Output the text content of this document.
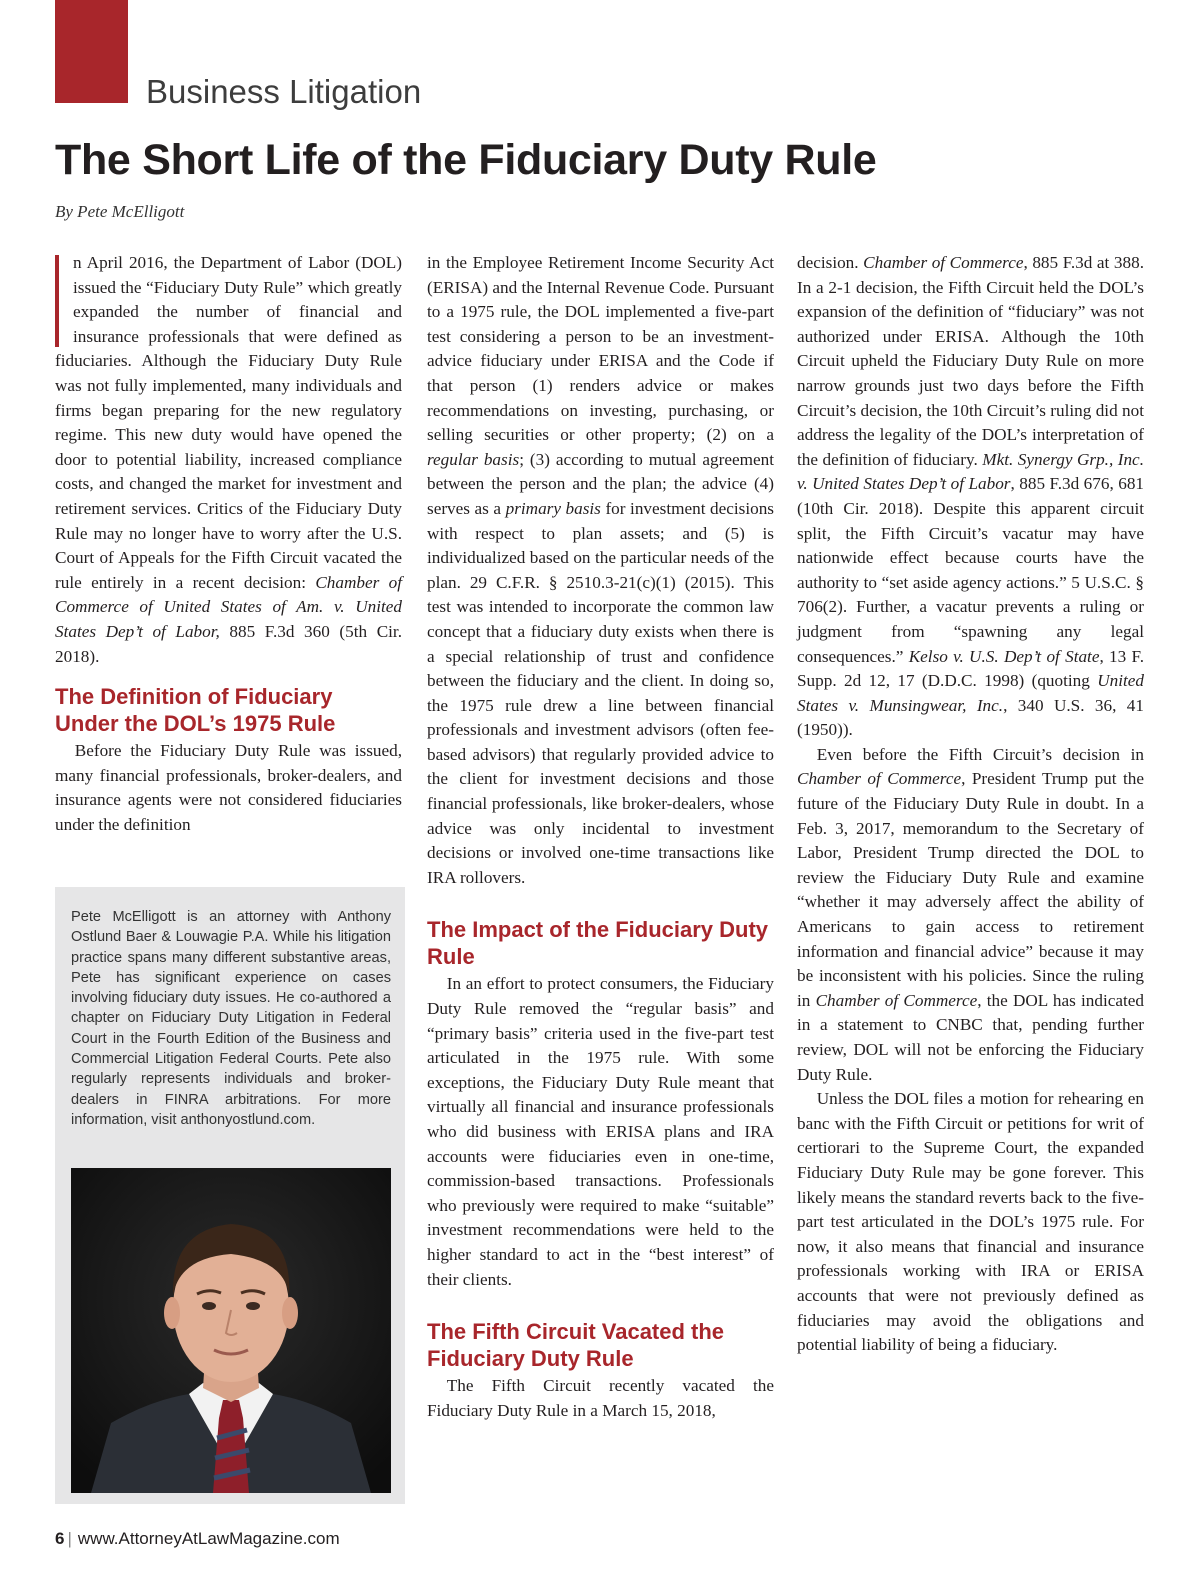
Business Litigation
The Short Life of the Fiduciary Duty Rule
By Pete McElligott

n April 2016, the Department of Labor (DOL) issued the “Fiduciary Duty Rule” which greatly expanded the number of financial and insurance professionals that were defined as fiduciaries. Although the Fiduciary Duty Rule was not fully implemented, many individuals and firms began preparing for the new regulatory regime. This new duty would have opened the door to potential liability, increased compliance costs, and changed the market for investment and retirement services. Critics of the Fiduciary Duty Rule may no longer have to worry after the U.S. Court of Appeals for the Fifth Circuit vacated the rule entirely in a recent decision: Chamber of Commerce of United States of Am. v. United States Dep’t of Labor, 885 F.3d 360 (5th Cir. 2018).

The Definition of Fiduciary Under the DOL’s 1975 Rule

Before the Fiduciary Duty Rule was issued, many financial professionals, broker-dealers, and insurance agents were not considered fiduciaries under the definition

in the Employee Retirement Income Security Act (ERISA) and the Internal Revenue Code. Pursuant to a 1975 rule, the DOL implemented a five-part test considering a person to be an investment-advice fiduciary under ERISA and the Code if that person (1) renders advice or makes recommendations on investing, purchasing, or selling securities or other property; (2) on a regular basis; (3) according to mutual agreement between the person and the plan; the advice (4) serves as a primary basis for investment decisions with respect to plan assets; and (5) is individualized based on the particular needs of the plan. 29 C.F.R. § 2510.3-21(c)(1) (2015). This test was intended to incorporate the common law concept that a fiduciary duty exists when there is a special relationship of trust and confidence between the fiduciary and the client. In doing so, the 1975 rule drew a line between financial professionals and investment advisors (often fee-based advisors) that regularly provided advice to the client for investment decisions and those financial professionals, like broker-dealers, whose advice was only incidental to investment decisions or involved one-time transactions like IRA rollovers.

The Impact of the Fiduciary Duty Rule

In an effort to protect consumers, the Fiduciary Duty Rule removed the “regular basis” and “primary basis” criteria used in the five-part test articulated in the 1975 rule. With some exceptions, the Fiduciary Duty Rule meant that virtually all financial and insurance professionals who did business with ERISA plans and IRA accounts were fiduciaries even in one-time, commission-based transactions. Professionals who previously were required to make “suitable” investment recommendations were held to the higher standard to act in the “best interest” of their clients.

The Fifth Circuit Vacated the Fiduciary Duty Rule

The Fifth Circuit recently vacated the Fiduciary Duty Rule in a March 15, 2018,

decision. Chamber of Commerce, 885 F.3d at 388. In a 2-1 decision, the Fifth Circuit held the DOL’s expansion of the definition of “fiduciary” was not authorized under ERISA. Although the 10th Circuit upheld the Fiduciary Duty Rule on more narrow grounds just two days before the Fifth Circuit’s decision, the 10th Circuit’s ruling did not address the legality of the DOL’s interpretation of the definition of fiduciary. Mkt. Synergy Grp., Inc. v. United States Dep’t of Labor, 885 F.3d 676, 681 (10th Cir. 2018). Despite this apparent circuit split, the Fifth Circuit’s vacatur may have nationwide effect because courts have the authority to “set aside agency actions.” 5 U.S.C. § 706(2). Further, a vacatur prevents a ruling or judgment from “spawning any legal consequences.” Kelso v. U.S. Dep’t of State, 13 F. Supp. 2d 12, 17 (D.D.C. 1998) (quoting United States v. Munsingwear, Inc., 340 U.S. 36, 41 (1950)).

Even before the Fifth Circuit’s decision in Chamber of Commerce, President Trump put the future of the Fiduciary Duty Rule in doubt. In a Feb. 3, 2017, memorandum to the Secretary of Labor, President Trump directed the DOL to review the Fiduciary Duty Rule and examine “whether it may adversely affect the ability of Americans to gain access to retirement information and financial advice” because it may be inconsistent with his policies. Since the ruling in Chamber of Commerce, the DOL has indicated in a statement to CNBC that, pending further review, DOL will not be enforcing the Fiduciary Duty Rule.

Unless the DOL files a motion for rehearing en banc with the Fifth Circuit or petitions for writ of certiorari to the Supreme Court, the expanded Fiduciary Duty Rule may be gone forever. This likely means the standard reverts back to the five-part test articulated in the DOL’s 1975 rule. For now, it also means that financial and insurance professionals working with IRA or ERISA accounts that were not previously defined as fiduciaries may avoid the obligations and potential liability of being a fiduciary.

Pete McElligott is an attorney with Anthony Ostlund Baer & Louwagie P.A. While his litigation practice spans many different substantive areas, Pete has significant experience on cases involving fiduciary duty issues. He co-authored a chapter on Fiduciary Duty Litigation in Federal Court in the Fourth Edition of the Business and Commercial Litigation Federal Courts. Pete also regularly represents individuals and broker-dealers in FINRA arbitrations. For more information, visit anthonyostlund.com.
6 | www.AttorneyAtLawMagazine.com
